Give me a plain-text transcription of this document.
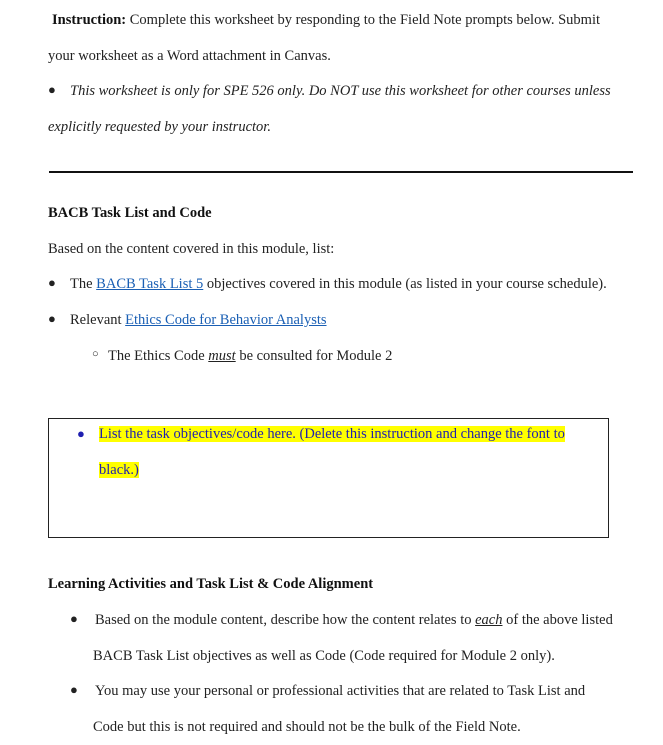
Instruction: Complete this worksheet by responding to the Field Note prompts below. Submit
your worksheet as a Word attachment in Canvas.
● This worksheet is only for SPE 526 only. Do NOT use this worksheet for other courses unless
explicitly requested by your instructor.
BACB Task List and Code
Based on the content covered in this module, list:
● The BACB Task List 5 objectives covered in this module (as listed in your course schedule).
● Relevant Ethics Code for Behavior Analysts
○ The Ethics Code must be consulted for Module 2
● List the task objectives/code here. (Delete this instruction and change the font to
black.)
Learning Activities and Task List & Code Alignment
● Based on the module content, describe how the content relates to each of the above listed
BACB Task List objectives as well as Code (Code required for Module 2 only).
● You may use your personal or professional activities that are related to Task List and
Code but this is not required and should not be the bulk of the Field Note.
